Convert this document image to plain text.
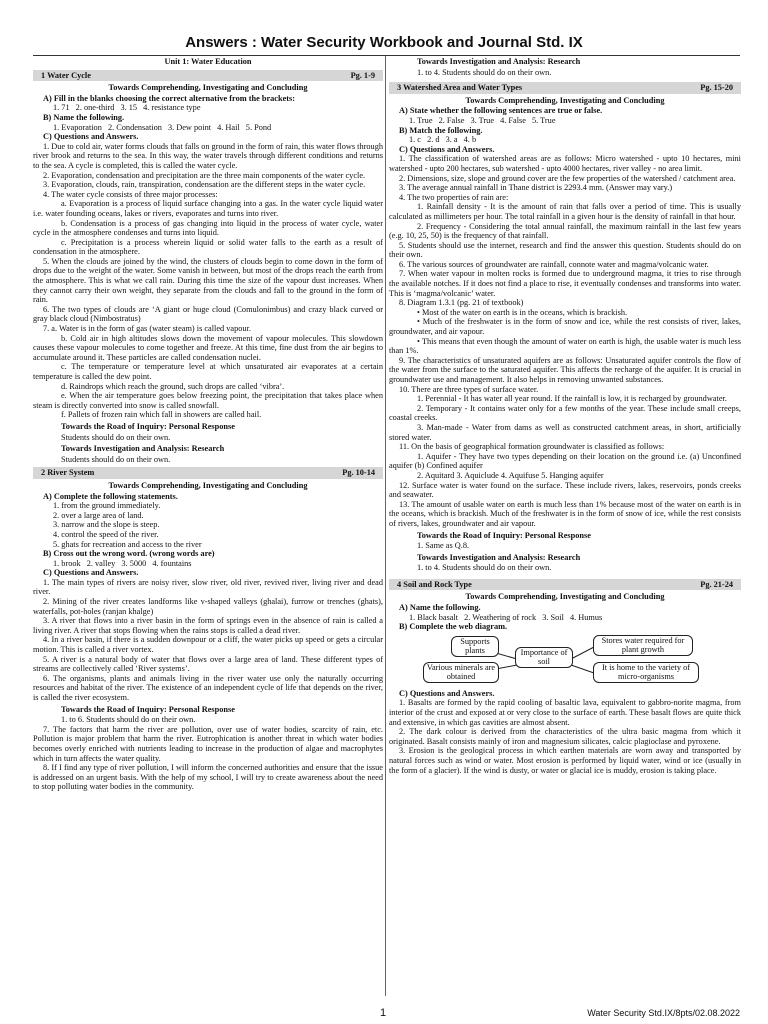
Answers : Water Security Workbook and Journal Std. IX
Unit 1: Water Education
1 Water Cycle	Pg. 1-9
Towards Comprehending, Investigating and Concluding
A) Fill in the blanks choosing the correct alternative from the brackets:
1. 71 2. one-third 3. 15 4. resistance type
B) Name the following.
1. Evaporation 2. Condensation 3. Dew point 4. Hail 5. Pond
C) Questions and Answers.

1. Due to cold air, water forms clouds that falls on ground in the form of rain, this water flows through river brook and returns to the sea. In this way, the water travels through different conditions and returns to the sea. A cycle is completed, this is called the water cycle.

2. Evaporation, condensation and precipitation are the three main components of the water cycle.

3. Evaporation, clouds, rain, transpiration, condensation are the different steps in the water cycle.

4. The water cycle consists of three major processes:

a. Evaporation is a process of liquid surface changing into a gas. In the water cycle liquid water i.e. water founding oceans, lakes or rivers, evaporates and turns into river.

b. Condensation is a process of gas changing into liquid in the process of water cycle, water cycle in the atmosphere condenses and turns into liquid.

c. Precipitation is a process wherein liquid or solid water falls to the earth as a result of condensation in the atmosphere.

5. When the clouds are joined by the wind, the clusters of clouds begin to come down in the form of drops due to the weight of the water. Some vanish in between, but most of the drops reach the earth from the atmosphere. This is what we call rain. During this time the size of the vapour dust increases. When they cannot carry their own weight, they separate from the clouds and fall to the ground in the form of rain.

6. The two types of clouds are ‘A giant or huge cloud (Comulonimbus) and crazy black curved or gray black cloud (Nimbostratus)

7. a. Water is in the form of gas (water steam) is called vapour.

b. Cold air in high altitudes slows down the movement of vapour molecules. This slowdown causes these vapour molecules to come together and freeze. At this time, fine dust from the air begins to accumulate around it. These particles are called condensation nuclei.

c. The temperature or temperature level at which unsaturated air evaporates at a certain temperature is called the dew point.

d. Raindrops which reach the ground, such drops are called ‘vibra’.

e. When the air temperature goes below freezing point, the precipitation that takes place when steam is directly converted into snow is called snowfall.

f. Pallets of frozen rain which fall in showers are called hail.

Towards the Road of Inquiry: Personal Response
Students should do on their own.
Towards Investigation and Analysis: Research
Students should do on their own.
2 River System	Pg. 10-14
Towards Comprehending, Investigating and Concluding
A) Complete the following statements.
1. from the ground immediately.
2. over a large area of land.
3. narrow and the slope is steep.
4. control the speed of the river.
5. ghats for recreation and access to the river
B) Cross out the wrong word. (wrong words are)
1. brook 2. valley 3. 5000 4. fountains
C) Questions and Answers.

1. The main types of rivers are noisy river, slow river, old river, revived river, living river and dead river.

2. Mining of the river creates landforms like v-shaped valleys (ghalai), furrow or trenches (ghats), waterfalls, pot-holes (ranjan khalge)

3. A river that flows into a river basin in the form of springs even in the absence of rain is called a living river. A river that stops flowing when the rains stops is called a dead river.

4. In a river basin, if there is a sudden downpour or a cliff, the water picks up speed or gets a circular motion. This is called a river vortex.

5. A river is a natural body of water that flows over a large area of land. These different types of streams are collectively called ‘River systems’.

6. The organisms, plants and animals living in the river water use only the naturally occurring resources and habitat of the river. The existence of an independent cycle of life that depends on the river, is called the river ecosystem.

Towards the Road of Inquiry: Personal Response
1. to 6. Students should do on their own.

7. The factors that harm the river are pollution, over use of water bodies, scarcity of rain, etc. Pollution is major problem that harm the river. Eutrophication is another threat in which water bodies becomes overly enriched with nutrients leading to increase in the production of algae and macrophytes which in turn affects the water quality.

8. If I find any type of river pollution, I will inform the concerned authorities and ensure that the issue is addressed on an urgent basis. With the help of my school, I will try to create awareness about the need to stop polluting water bodies in the community.

Towards Investigation and Analysis: Research
1. to 4. Students should do on their own.
3 Watershed Area and Water Types	Pg. 15-20
Towards Comprehending, Investigating and Concluding
A) State whether the following sentences are true or false.
1. True 2. False 3. True 4. False 5. True
B) Match the following.
1. c 2. d 3. a 4. b
C) Questions and Answers.

1. The classification of watershed areas are as follows: Micro watershed - upto 10 hectares, mini watershed - upto 200 hectares, sub watershed - upto 4000 hectares, river valley - no area limit.

2. Dimensions, size, slope and ground cover are the few properties of the watershed / catchment area.

3. The average annual rainfall in Thane district is 2293.4 mm. (Answer may vary.)

4. The two properties of rain are:

1. Rainfall density - It is the amount of rain that falls over a period of time. This is usually calculated as millimeters per hour. The total rainfall in a given hour is the density of rainfall in that hour.

2. Frequency - Considering the total annual rainfall, the maximum rainfall in the last few years (e.g. 10, 25, 50) is the frequency of that rainfall.

5. Students should use the internet, research and find the answer this question. Students should do on their own.

6. The various sources of groundwater are rainfall, connote water and magma/volcanic water.

7. When water vapour in molten rocks is formed due to underground magma, it tries to rise through the available notches. If it does not find a place to rise, it eventually condenses and transforms into water. This is ‘magma/volcanic’ water.

8. Diagram 1.3.1 (pg. 21 of textbook)

• Most of the water on earth is in the oceans, which is brackish.

• Much of the freshwater is in the form of snow and ice, while the rest consists of river, lakes, groundwater, and air vapour.

• This means that even though the amount of water on earth is high, the usable water is much less than 1%.

9. The characteristics of unsaturated aquifers are as follows: Unsaturated aquifer controls the flow of the water from the surface to the saturated aquifer. This affects the recharge of the aquifer. It is crucial in groundwater use and management. It also helps in removing unwanted substances.

10. There are three types of surface water.

1. Perennial - It has water all year round. If the rainfall is low, it is recharged by groundwater.

2. Temporary - It contains water only for a few months of the year. These include small creeps, coastal creeks.

3. Man-made - Water from dams as well as constructed catchment areas, in short, artificially stored water.

11. On the basis of geographical formation groundwater is classified as follows:

1. Aquifer - They have two types depending on their location on the ground i.e. (a) Unconfined aquifer (b) Confined aquifer

2. Aquitard 3. Aquiclude 4. Aquifuse 5. Hanging aquifer

12. Surface water is water found on the surface. These include rivers, lakes, reservoirs, ponds creeks and seawater.

13. The amount of usable water on earth is much less than 1% because most of the water on earth is in the oceans, which is brackish. Much of the freshwater is in the form of snow of ice, while the rest consists of rivers, lakes, groundwater and air vapour.

Towards the Road of Inquiry: Personal Response
1. Same as Q.8.
Towards Investigation and Analysis: Research
1. to 4. Students should do on their own.
4 Soil and Rock Type	Pg. 21-24
Towards Comprehending, Investigating and Concluding
A) Name the following.
1. Black basalt 2. Weathering of rock 3. Soil 4. Humus
B) Complete the web diagram.
Supports plants
Various minerals are obtained
Importance of soil
Stores water required for plant growth
It is home to the variety of micro-organisms
C) Questions and Answers.

1. Basalts are formed by the rapid cooling of basaltic lava, equivalent to gabbro-norite magma, from interior of the crust and exposed at or very close to the surface of earth. These basalt flows are quite thick and extensive, in which gas cavities are almost absent.

2. The dark colour is derived from the characteristics of the ultra basic magma from which it originated. Basalt consists mainly of iron and magnesium silicates, calcic plagioclase and pyroxene.

3. Erosion is the geological process in which earthen materials are worn away and transported by natural forces such as wind or water. Most erosion is performed by liquid water, wind or ice (usually in the form of a glacier). If the wind is dusty, or water or glacial ice is muddy, erosion is taking place.

1	Water Security Std.IX/8pts/02.08.2022
